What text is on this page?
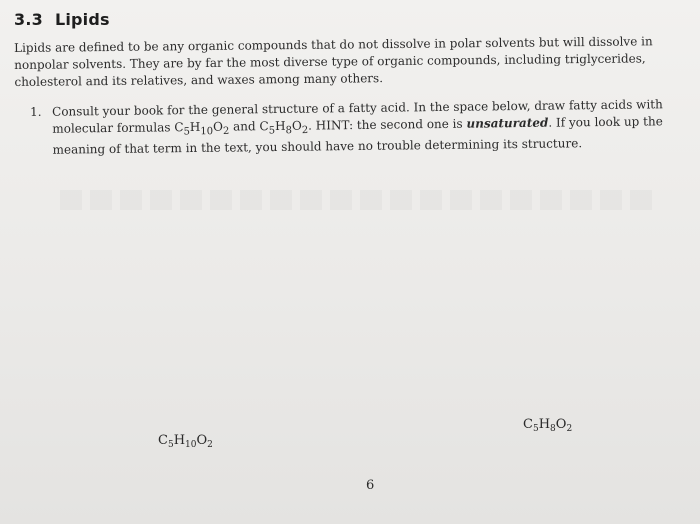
3.3 Lipids
Lipids are defined to be any organic compounds that do not dissolve in polar solvents but will dissolve in nonpolar solvents. They are by far the most diverse type of organic compounds, including triglycerides, cholesterol and its relatives, and waxes among many others.
1. Consult your book for the general structure of a fatty acid. In the space below, draw fatty acids with molecular formulas $C_5H_{10}O_2$ and $C_5H_8O_2$. HINT: the second one is unsaturated. If you look up the meaning of that term in the text, you should have no trouble determining its structure.
$C_5H_{10}O_2$
$C_5H_8O_2$
6
